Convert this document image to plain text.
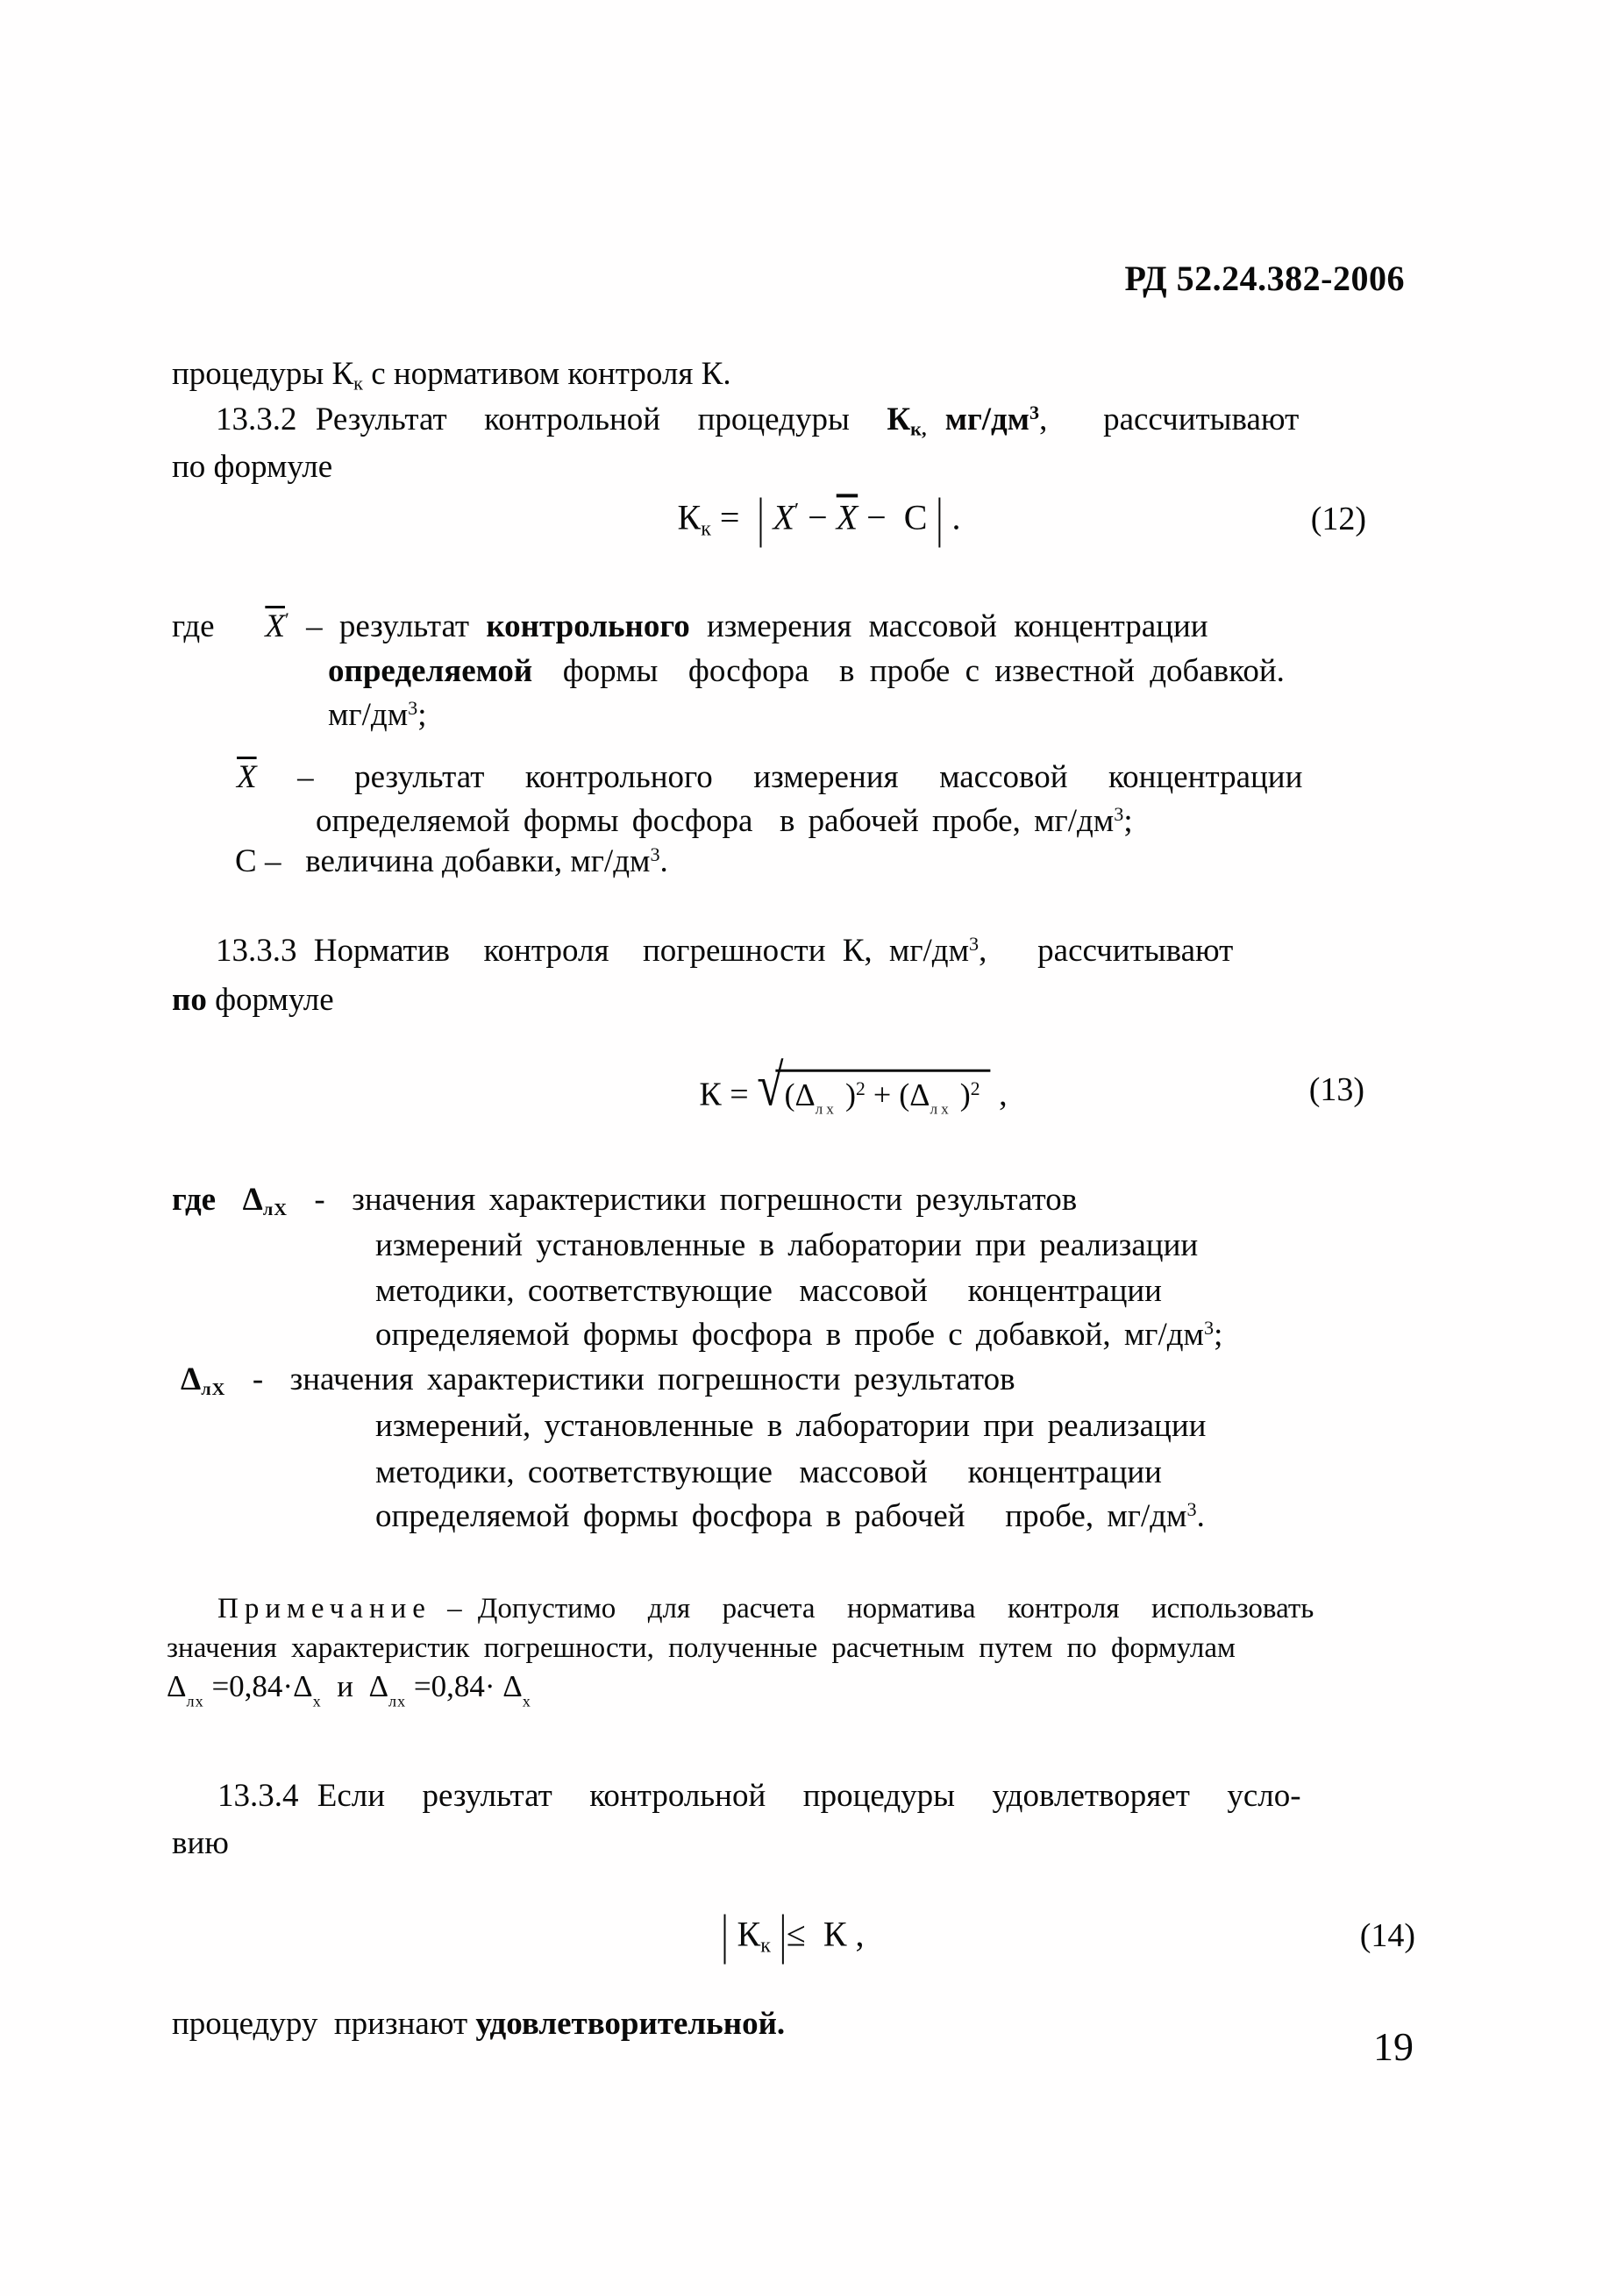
РД 52.24.382-2006
процедуры $К_к$ с нормативом контроля К.
13.3.2 Результат  контрольной  процедуры  $К_{к,}$ $мг/дм^3$,   рассчитывают
по формуле
$К_к$ =  | $X' - \overline{X} - С$ | .	(12)
где   $\overline{X}'$ – результат контрольного измерения массовой концентрации
определяемой  формы  фосфора  в пробе с известной добавкой.
$мг/дм^3$;
$\overline{X}$  –  результат  контрольного  измерения  массовой  концентрации
определяемой формы фосфора  в рабочей пробе, $мг/дм^3$;
С –   величина добавки, $мг/дм^3$.
13.3.3 Норматив  контроля  погрешности К, $мг/дм^3$,   рассчитывают
по формуле
$К = √(\Delta_{лх}$ )$^2 + (\Delta_{лх}$ )$^2$ ,	(13)
где  $\Delta_{лХ}$  -  значения характеристики погрешности результатов
измерений установленные в лаборатории при реализации
методики, соответствующие  массовой   концентрации
определяемой формы фосфора в пробе с добавкой, $мг/дм^3$;
$\Delta_{лХ}$  -  значения характеристики погрешности результатов
измерений, установленные в лаборатории при реализации
методики, соответствующие  массовой   концентрации
определяемой формы фосфора в рабочей   пробе, $мг/дм^3$.
Примечание – Допустимо  для  расчета  норматива  контроля  использовать
значения характеристик погрешности, полученные расчетным путем по формулам
$\Delta_{лх} =0,84\cdot\Delta_х$  и  $\Delta_{лх} =0,84\cdot \Delta_х$
13.3.4 Если  результат  контрольной  процедуры  удовлетворяет  усло-
вию
| $К_к$ |≤  К ,	(14)
процедуру  признают удовлетворительной.
19
